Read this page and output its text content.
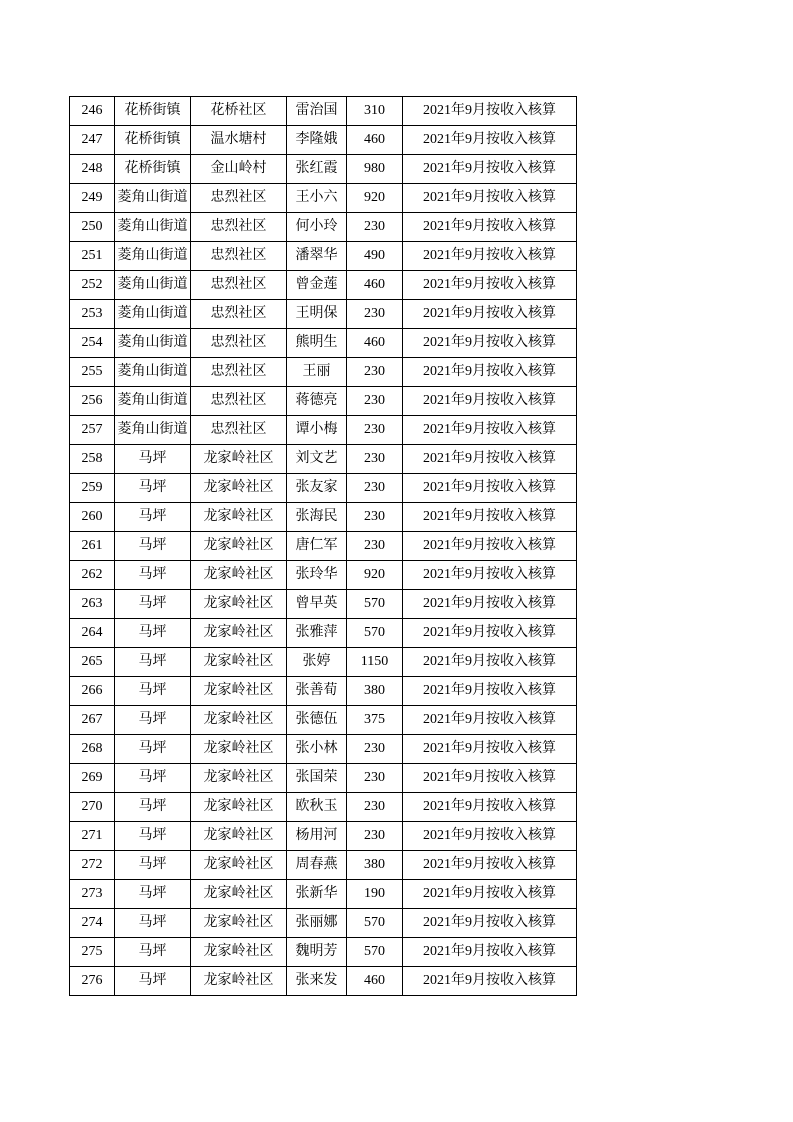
246	花桥街镇	花桥社区	雷治国	310	2021年9月按收入核算
247	花桥街镇	温水塘村	李隆娥	460	2021年9月按收入核算
248	花桥街镇	金山岭村	张红霞	980	2021年9月按收入核算
249	菱角山街道	忠烈社区	王小六	920	2021年9月按收入核算
250	菱角山街道	忠烈社区	何小玲	230	2021年9月按收入核算
251	菱角山街道	忠烈社区	潘翠华	490	2021年9月按收入核算
252	菱角山街道	忠烈社区	曾金莲	460	2021年9月按收入核算
253	菱角山街道	忠烈社区	王明保	230	2021年9月按收入核算
254	菱角山街道	忠烈社区	熊明生	460	2021年9月按收入核算
255	菱角山街道	忠烈社区	王丽	230	2021年9月按收入核算
256	菱角山街道	忠烈社区	蒋德亮	230	2021年9月按收入核算
257	菱角山街道	忠烈社区	谭小梅	230	2021年9月按收入核算
258	马坪	龙家岭社区	刘文艺	230	2021年9月按收入核算
259	马坪	龙家岭社区	张友家	230	2021年9月按收入核算
260	马坪	龙家岭社区	张海民	230	2021年9月按收入核算
261	马坪	龙家岭社区	唐仁军	230	2021年9月按收入核算
262	马坪	龙家岭社区	张玲华	920	2021年9月按收入核算
263	马坪	龙家岭社区	曾早英	570	2021年9月按收入核算
264	马坪	龙家岭社区	张雅萍	570	2021年9月按收入核算
265	马坪	龙家岭社区	张婷	1150	2021年9月按收入核算
266	马坪	龙家岭社区	张善荀	380	2021年9月按收入核算
267	马坪	龙家岭社区	张德伍	375	2021年9月按收入核算
268	马坪	龙家岭社区	张小林	230	2021年9月按收入核算
269	马坪	龙家岭社区	张国荣	230	2021年9月按收入核算
270	马坪	龙家岭社区	欧秋玉	230	2021年9月按收入核算
271	马坪	龙家岭社区	杨用河	230	2021年9月按收入核算
272	马坪	龙家岭社区	周春燕	380	2021年9月按收入核算
273	马坪	龙家岭社区	张新华	190	2021年9月按收入核算
274	马坪	龙家岭社区	张丽娜	570	2021年9月按收入核算
275	马坪	龙家岭社区	魏明芳	570	2021年9月按收入核算
276	马坪	龙家岭社区	张来发	460	2021年9月按收入核算
